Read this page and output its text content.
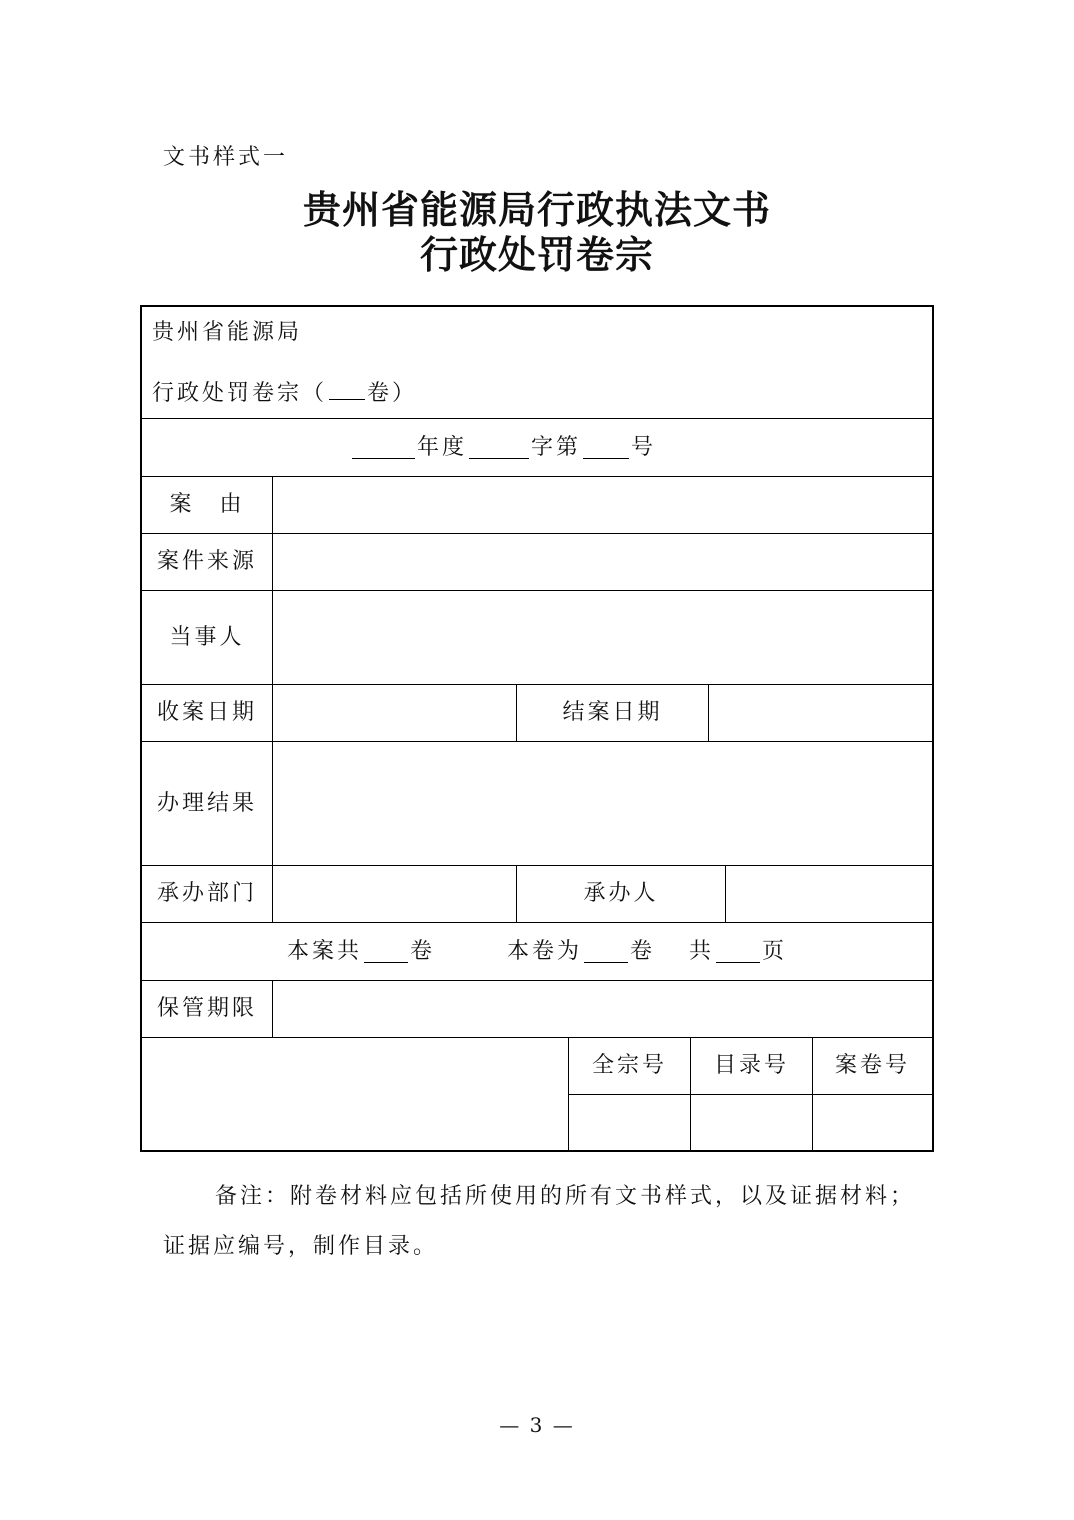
文书样式一
贵州省能源局行政执法文书
行政处罚卷宗
贵州省能源局
行政处罚卷宗（ 卷）
年度	字第 号
案　由
案件来源
当事人
收案日期	结案日期
办理结果
承办部门	承办人
本案共 卷	本卷为 卷 共 页
保管期限
全宗号	目录号	案卷号
备注：附卷材料应包括所使用的所有文书样式，以及证据材料；
证据应编号，制作目录。
— 3 —
